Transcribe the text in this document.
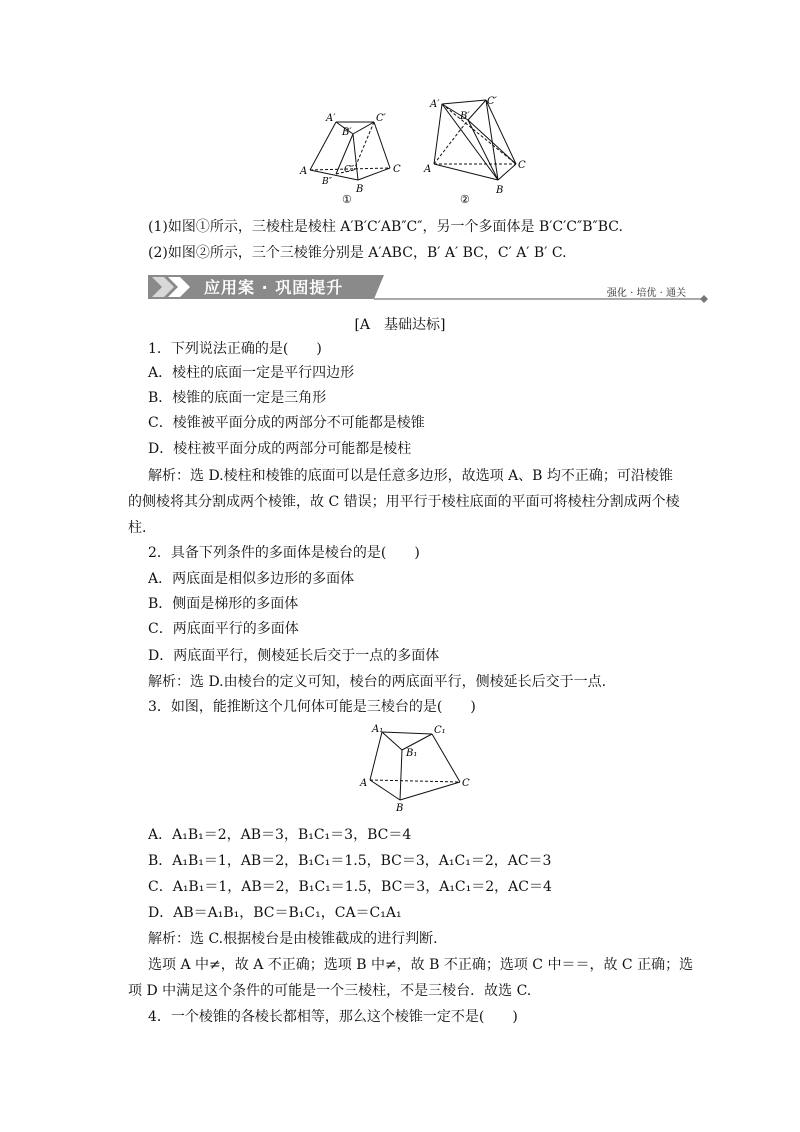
A′	C′
B′
A	C
B
B″
C″
①
A′	C′
B′
A	C
B
②
(1)如图①所示，三棱柱是棱柱 A′B′C′AB″C″，另一个多面体是 B′C′C″B″BC.
(2)如图②所示，三个三棱锥分别是 A′ABC，B′ A′ BC，C′ A′ B′ C.
应用案 · 巩固提升	强化 · 培优 · 通关
[A　基础达标]
1．下列说法正确的是(　　)
A．棱柱的底面一定是平行四边形
B．棱锥的底面一定是三角形
C．棱锥被平面分成的两部分不可能都是棱锥
D．棱柱被平面分成的两部分可能都是棱柱
解析：选 D.棱柱和棱锥的底面可以是任意多边形，故选项 A、B 均不正确；可沿棱锥
的侧棱将其分割成两个棱锥，故 C 错误；用平行于棱柱底面的平面可将棱柱分割成两个棱
柱.
2．具备下列条件的多面体是棱台的是(　　)
A．两底面是相似多边形的多面体
B．侧面是梯形的多面体
C．两底面平行的多面体
D．两底面平行，侧棱延长后交于一点的多面体
解析：选 D.由棱台的定义可知，棱台的两底面平行，侧棱延长后交于一点.
3．如图，能推断这个几何体可能是三棱台的是(　　)
A₁	C₁
B₁
A	C
B
A．A₁B₁＝2，AB＝3，B₁C₁＝3，BC＝4
B．A₁B₁＝1，AB＝2，B₁C₁＝1.5，BC＝3，A₁C₁＝2，AC＝3
C．A₁B₁＝1，AB＝2，B₁C₁＝1.5，BC＝3，A₁C₁＝2，AC＝4
D．AB＝A₁B₁，BC＝B₁C₁，CA＝C₁A₁
解析：选 C.根据棱台是由棱锥截成的进行判断.
选项 A 中≠，故 A 不正确；选项 B 中≠，故 B 不正确；选项 C 中＝＝，故 C 正确；选
项 D 中满足这个条件的可能是一个三棱柱，不是三棱台．故选 C.
4．一个棱锥的各棱长都相等，那么这个棱锥一定不是(　　)
